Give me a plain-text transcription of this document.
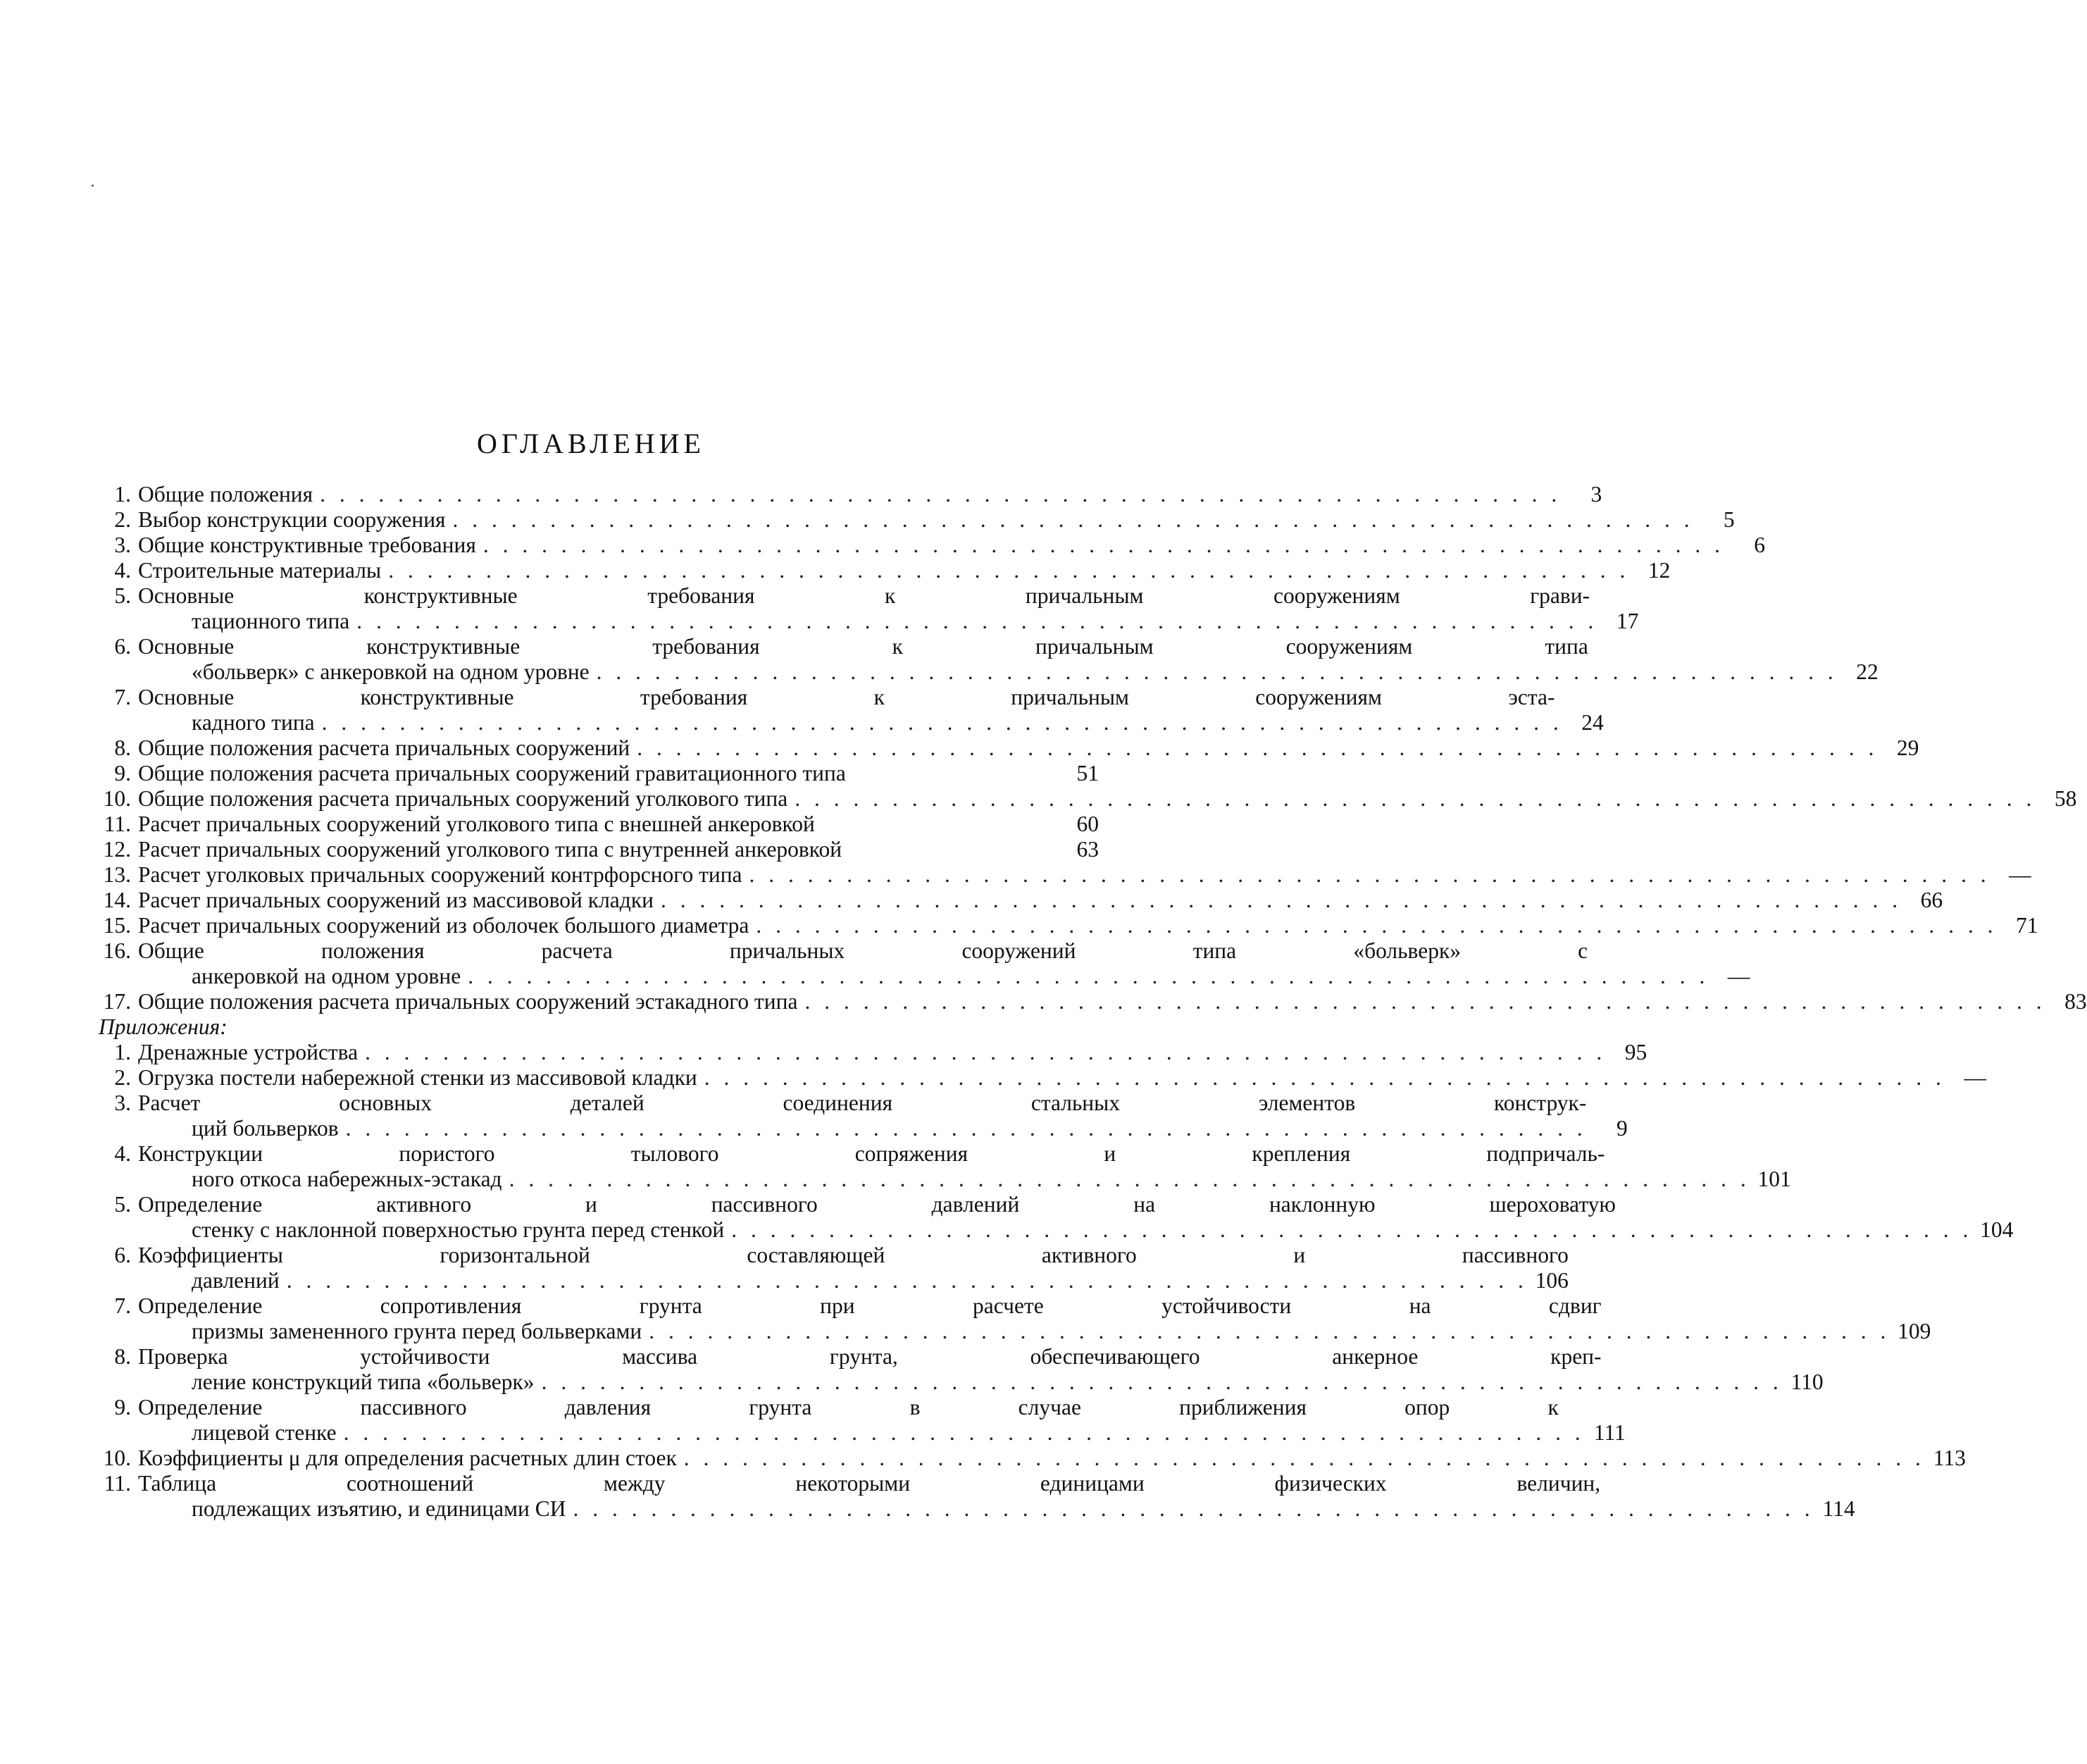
ОГЛАВЛЕНИЕ
1. Общие положения . . .	3
2. Выбор конструкции сооружения . . .	5
3. Общие конструктивные требования . . .	6
4. Строительные материалы . . .	12
5. Основные конструктивные требования к причальным сооружениям грави-
тационного типа . . .	17
6. Основные конструктивные требования к причальным сооружениям типа
«больверк» с анкеровкой на одном уровне . . .	22
7. Основные конструктивные требования к причальным сооружениям эста-
кадного типа . . .	24
8. Общие положения расчета причальных сооружений . . .	29
9. Общие положения расчета причальных сооружений гравитационного типа	51
10. Общие положения расчета причальных сооружений уголкового типа . . .	58
11. Расчет причальных сооружений уголкового типа с внешней анкеровкой	60
12. Расчет причальных сооружений уголкового типа с внутренней анкеровкой	63
13. Расчет уголковых причальных сооружений контрфорсного типа . . .	—
14. Расчет причальных сооружений из массивовой кладки . . .	66
15. Расчет причальных сооружений из оболочек большого диаметра . . .	71
16. Общие положения расчета причальных сооружений типа «больверк» с
анкеровкой на одном уровне . . .	—
17. Общие положения расчета причальных сооружений эстакадного типа . . .	83
Приложения:
1. Дренажные устройства . . .	95
2. Огрузка постели набережной стенки из массивовой кладки . . .	—
3. Расчет основных деталей соединения стальных элементов конструк-
ций больверков . . .	9
4. Конструкции пористого тылового сопряжения и крепления подпричаль-
ного откоса набережных-эстакад . . .	101
5. Определение активного и пассивного давлений на наклонную шероховатую
стенку с наклонной поверхностью грунта перед стенкой . . .	104
6. Коэффициенты горизонтальной составляющей активного и пассивного
давлений . . .	106
7. Определение сопротивления грунта при расчете устойчивости на сдвиг
призмы замененного грунта перед больверками . . .	109
8. Проверка устойчивости массива грунта, обеспечивающего анкерное креп-
ление конструкций типа «больверк» . . .	110
9. Определение пассивного давления грунта в случае приближения опор к
лицевой стенке . . .	111
10. Коэффициенты μ для определения расчетных длин стоек . . .	113
11. Таблица соотношений между некоторыми единицами физических величин,
подлежащих изъятию, и единицами СИ . . .	114
